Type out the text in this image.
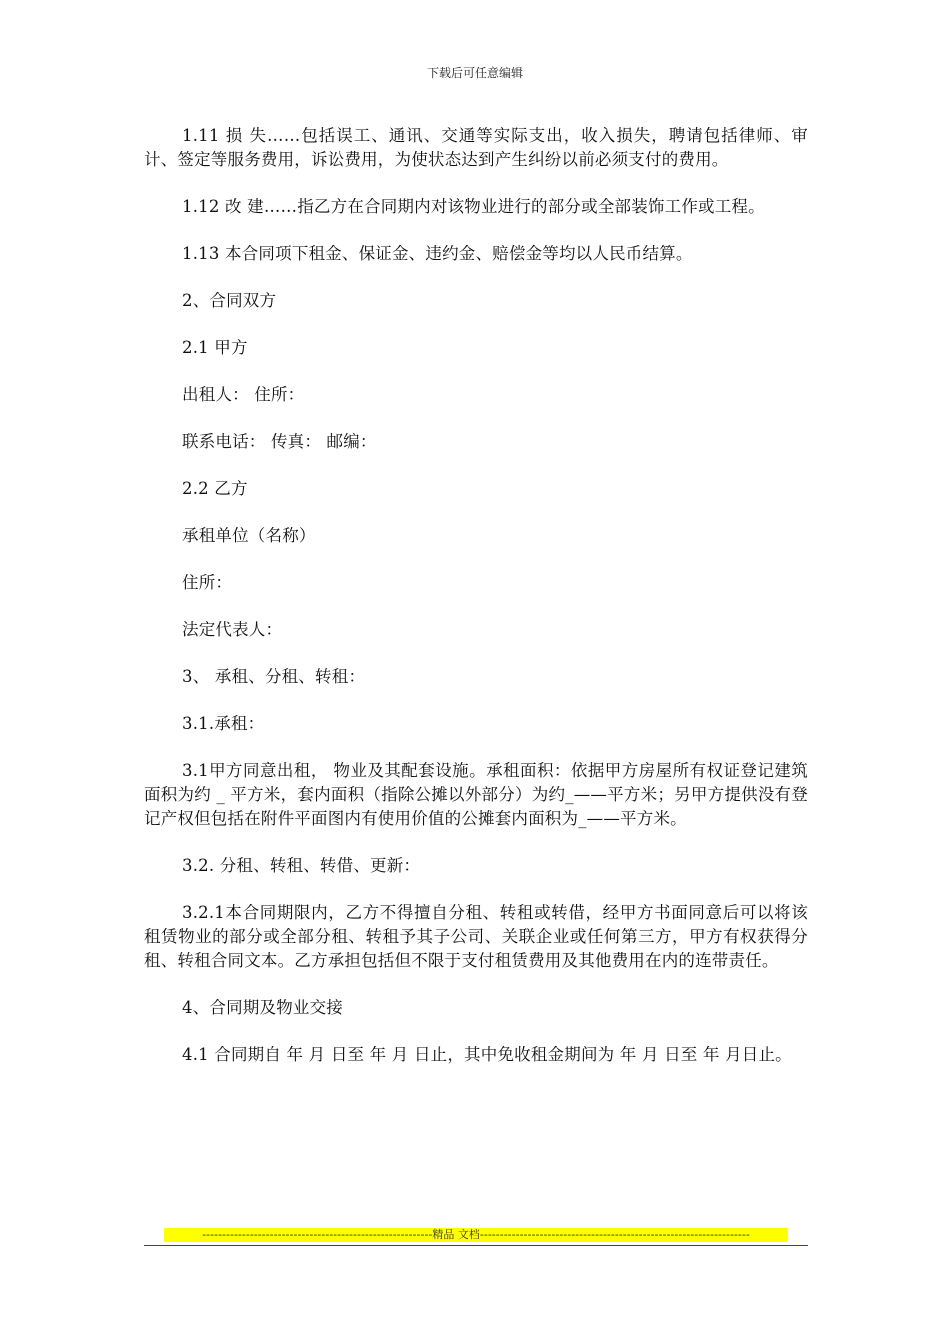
下载后可任意编辑

1.11 损 失……包括误工、通讯、交通等实际支出，收入损失，聘请包括律师、审计、签定等服务费用，诉讼费用，为使状态达到产生纠纷以前必须支付的费用。

1.12 改 建……指乙方在合同期内对该物业进行的部分或全部装饰工作或工程。

1.13 本合同项下租金、保证金、违约金、赔偿金等均以人民币结算。

2、合同双方

2.1 甲方

出租人： 住所：

联系电话： 传真： 邮编：

2.2 乙方

承租单位（名称）

住所：

法定代表人：

3、 承租、分租、转租：

3.1.承租：

3.1甲方同意出租， 物业及其配套设施。承租面积：依据甲方房屋所有权证登记建筑面积为约 _ 平方米，套内面积（指除公摊以外部分）为约_——平方米；另甲方提供没有登记产权但包括在附件平面图内有使用价值的公摊套内面积为_——平方米。

3.2. 分租、转租、转借、更新：

3.2.1本合同期限内，乙方不得擅自分租、转租或转借，经甲方书面同意后可以将该租赁物业的部分或全部分租、转租予其子公司、关联企业或任何第三方，甲方有权获得分租、转租合同文本。乙方承担包括但不限于支付租赁费用及其他费用在内的连带责任。

4、合同期及物业交接

4.1 合同期自 年 月 日至 年 月 日止，其中免收租金期间为 年 月 日至 年 月日止。

----------------------------------------------------------精品 文档--------------------------------------------------------------------
